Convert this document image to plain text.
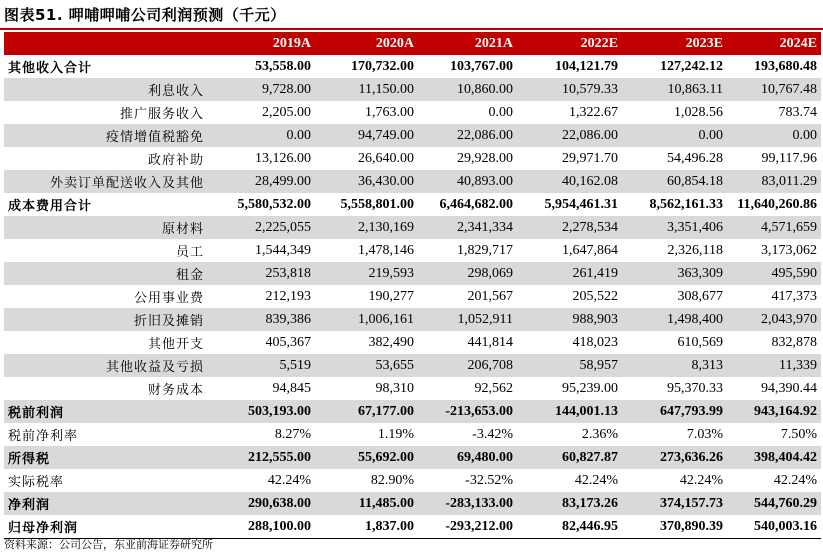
图表51. 呷哺呷哺公司利润预测（千元）
	2019A	2020A	2021A	2022E	2023E	2024E
其他收入合计	53,558.00	170,732.00	103,767.00	104,121.79	127,242.12	193,680.48
利息收入	9,728.00	11,150.00	10,860.00	10,579.33	10,863.11	10,767.48
推广服务收入	2,205.00	1,763.00	0.00	1,322.67	1,028.56	783.74
疫情增值税豁免	0.00	94,749.00	22,086.00	22,086.00	0.00	0.00
政府补助	13,126.00	26,640.00	29,928.00	29,971.70	54,496.28	99,117.96
外卖订单配送收入及其他	28,499.00	36,430.00	40,893.00	40,162.08	60,854.18	83,011.29
成本费用合计	5,580,532.00	5,558,801.00	6,464,682.00	5,954,461.31	8,562,161.33	11,640,260.86
原材料	2,225,055	2,130,169	2,341,334	2,278,534	3,351,406	4,571,659
员工	1,544,349	1,478,146	1,829,717	1,647,864	2,326,118	3,173,062
租金	253,818	219,593	298,069	261,419	363,309	495,590
公用事业费	212,193	190,277	201,567	205,522	308,677	417,373
折旧及摊销	839,386	1,006,161	1,052,911	988,903	1,498,400	2,043,970
其他开支	405,367	382,490	441,814	418,023	610,569	832,878
其他收益及亏损	5,519	53,655	206,708	58,957	8,313	11,339
财务成本	94,845	98,310	92,562	95,239.00	95,370.33	94,390.44
税前利润	503,193.00	67,177.00	-213,653.00	144,001.13	647,793.99	943,164.92
税前净利率	8.27%	1.19%	-3.42%	2.36%	7.03%	7.50%
所得税	212,555.00	55,692.00	69,480.00	60,827.87	273,636.26	398,404.42
实际税率	42.24%	82.90%	-32.52%	42.24%	42.24%	42.24%
净利润	290,638.00	11,485.00	-283,133.00	83,173.26	374,157.73	544,760.29
归母净利润	288,100.00	1,837.00	-293,212.00	82,446.95	370,890.39	540,003.16
资料来源：公司公告，东亚前海证券研究所
